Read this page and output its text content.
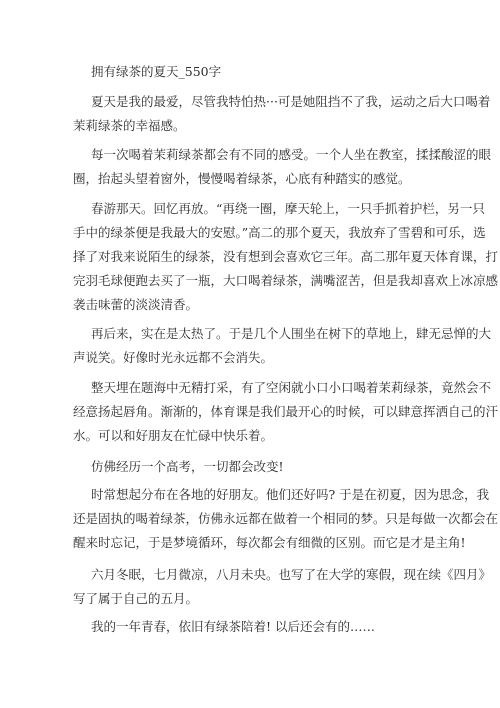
拥有绿茶的夏天_550字
夏天是我的最爱，尽管我特怕热···可是她阻挡不了我，运动之后大口喝着
茉莉绿茶的幸福感。
每一次喝着茉莉绿茶都会有不同的感受。一个人坐在教室，揉揉酸涩的眼
圈，抬起头望着窗外，慢慢喝着绿茶，心底有种踏实的感觉。
春游那天。回忆再放。“再绕一圈，摩天轮上，一只手抓着护栏，另一只
手中的绿茶便是我最大的安慰。”高二的那个夏天，我放弃了雪碧和可乐，选
择了对我来说陌生的绿茶，没有想到会喜欢它三年。高二那年夏天体育课，打
完羽毛球便跑去买了一瓶，大口喝着绿茶，满嘴涩苦，但是我却喜欢上冰凉感
袭击味蕾的淡淡清香。
再后来，实在是太热了。于是几个人围坐在树下的草地上，肆无忌惮的大
声说笑。好像时光永远都不会消失。
整天埋在题海中无精打采，有了空闲就小口小口喝着茉莉绿茶，竟然会不
经意扬起唇角。渐渐的，体育课是我们最开心的时候，可以肆意挥洒自己的汗
水。可以和好朋友在忙碌中快乐着。
仿佛经历一个高考，一切都会改变!
时常想起分布在各地的好朋友。他们还好吗? 于是在初夏，因为思念，我
还是固执的喝着绿茶，仿佛永远都在做着一个相同的梦。只是每做一次都会在
醒来时忘记，于是梦境循环，每次都会有细微的区别。而它是才是主角!
六月冬眠，七月微凉，八月未央。也写了在大学的寒假，现在续《四月》
写了属于自己的五月。
我的一年青春，依旧有绿茶陪着! 以后还会有的……
